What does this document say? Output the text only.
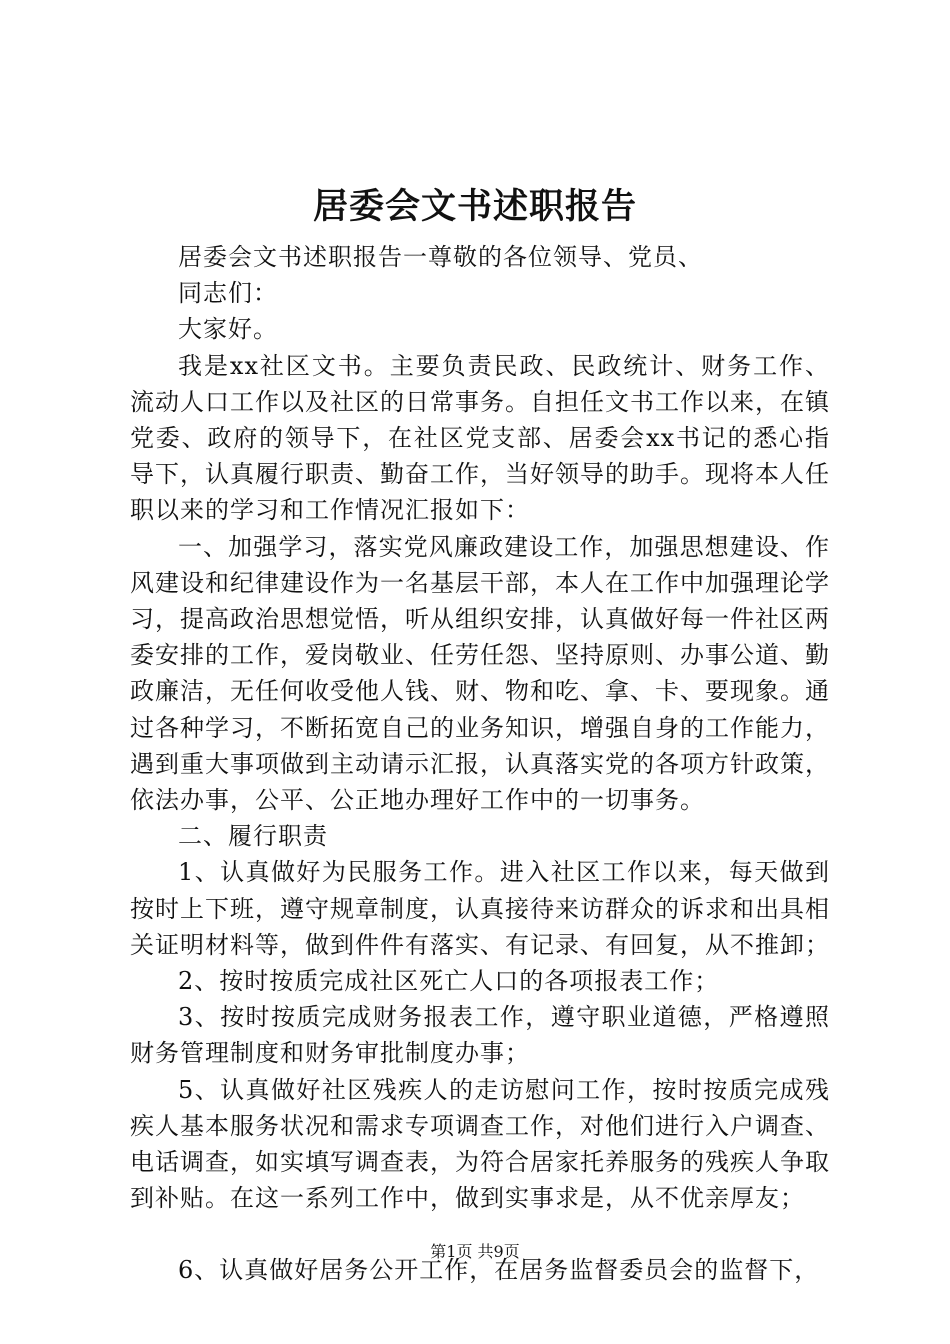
居委会文书述职报告

居委会文书述职报告一尊敬的各位领导、党员、

同志们：

大家好。

我是xx社区文书。主要负责民政、民政统计、财务工作、流动人口工作以及社区的日常事务。自担任文书工作以来，在镇党委、政府的领导下，在社区党支部、居委会xx书记的悉心指导下，认真履行职责、勤奋工作，当好领导的助手。现将本人任职以来的学习和工作情况汇报如下：

一、加强学习，落实党风廉政建设工作，加强思想建设、作风建设和纪律建设作为一名基层干部，本人在工作中加强理论学习，提高政治思想觉悟，听从组织安排，认真做好每一件社区两委安排的工作，爱岗敬业、任劳任怨、坚持原则、办事公道、勤政廉洁，无任何收受他人钱、财、物和吃、拿、卡、要现象。通过各种学习，不断拓宽自己的业务知识，增强自身的工作能力，遇到重大事项做到主动请示汇报，认真落实党的各项方针政策，依法办事，公平、公正地办理好工作中的一切事务。

二、履行职责

1、认真做好为民服务工作。进入社区工作以来，每天做到按时上下班，遵守规章制度，认真接待来访群众的诉求和出具相关证明材料等，做到件件有落实、有记录、有回复，从不推卸；

2、按时按质完成社区死亡人口的各项报表工作；

3、按时按质完成财务报表工作，遵守职业道德，严格遵照财务管理制度和财务审批制度办事；

5、认真做好社区残疾人的走访慰问工作，按时按质完成残疾人基本服务状况和需求专项调查工作，对他们进行入户调查、电话调查，如实填写调查表，为符合居家托养服务的残疾人争取到补贴。在这一系列工作中，做到实事求是，从不优亲厚友；

6、认真做好居务公开工作，在居务监督委员会的监督下，

第1页 共9页
